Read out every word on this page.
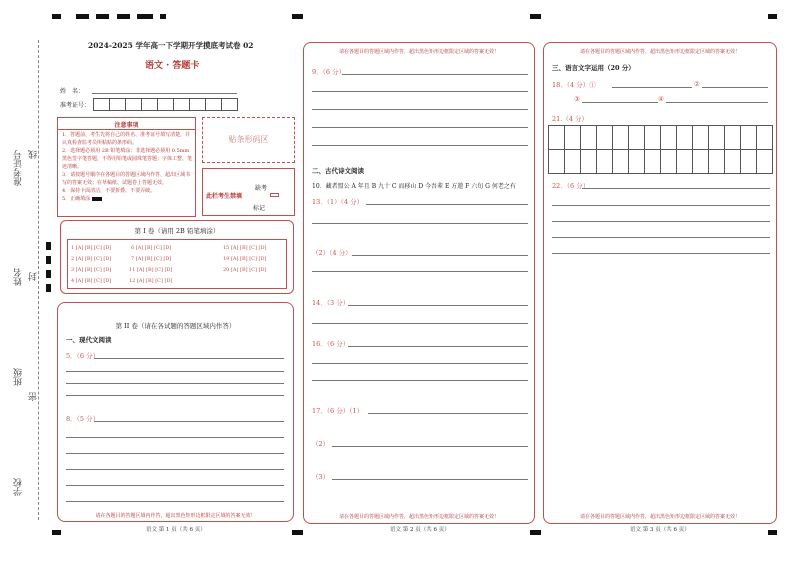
准考证号 线
姓名 封
班级
密
学校
2024-2025 学年高一下学期开学摸底考试卷 02
语文 · 答题卡
姓　名：
准考证号：
注意事项
1．答题前，考生先将自己的姓名、准考证号填写清楚，并认真检查监考员所粘贴的条形码。
2．选择题必须用 2B 铅笔填涂；非选择题必须用 0.5mm 黑色签字笔答题，不得用铅笔或圆珠笔答题；字体工整、笔迹清晰。
3．请按题号顺序在各题目的答题区域内作答，超出区域书写的答案无效；在草稿纸、试题卷上答题无效。
4．保持卡面清洁，不要折叠、不要弄破。
5．正确填涂
贴条形码区
此栏考生禁填
缺考
标记
第 I 卷（请用 2B 铅笔填涂）
1 [A] [B] [C] [D]
2 [A] [B] [C] [D]
3 [A] [B] [C] [D]
4 [A] [B] [C] [D]
6 [A] [B] [C] [D]
7 [A] [B] [C] [D]
11 [A] [B] [C] [D]
12 [A] [B] [C] [D]
15 [A] [B] [C] [D]
19 [A] [B] [C] [D]
20 [A] [B] [C] [D]
第 II 卷（请在各试题的答题区域内作答）
一、现代文阅读
5．（6 分）
8．（5 分）
请在各题目的答题区域内作答，超出黑色矩形边框限定区域的答案无效！
语文 第 1 页（共 6 页）
请在各题目的答题区域内作答，超出黑色矩形边框限定区域的答案无效！
9．（6 分）
二、古代诗文阅读
10．藏者盟公 A 年且 B 九十 C 而移山 D 今吾辈 E 方遨 F 六旬 G 何老之有
13．（1）（4 分）
（2）（4 分）
14．（3 分）
16．（6 分）
17．（6 分）（1）
（2）
（3）
请在各题目的答题区域内作答，超出黑色矩形边框限定区域的答案无效！
语文 第 2 页（共 6 页）
请在各题目的答题区域内作答，超出黑色矩形边框限定区域的答案无效！
三、语言文字运用（20 分）
18．（4 分）①	②
③	④
21.（4 分）
22．（6 分）
请在各题目的答题区域内作答，超出黑色矩形边框限定区域的答案无效！
语文 第 3 页（共 6 页）
